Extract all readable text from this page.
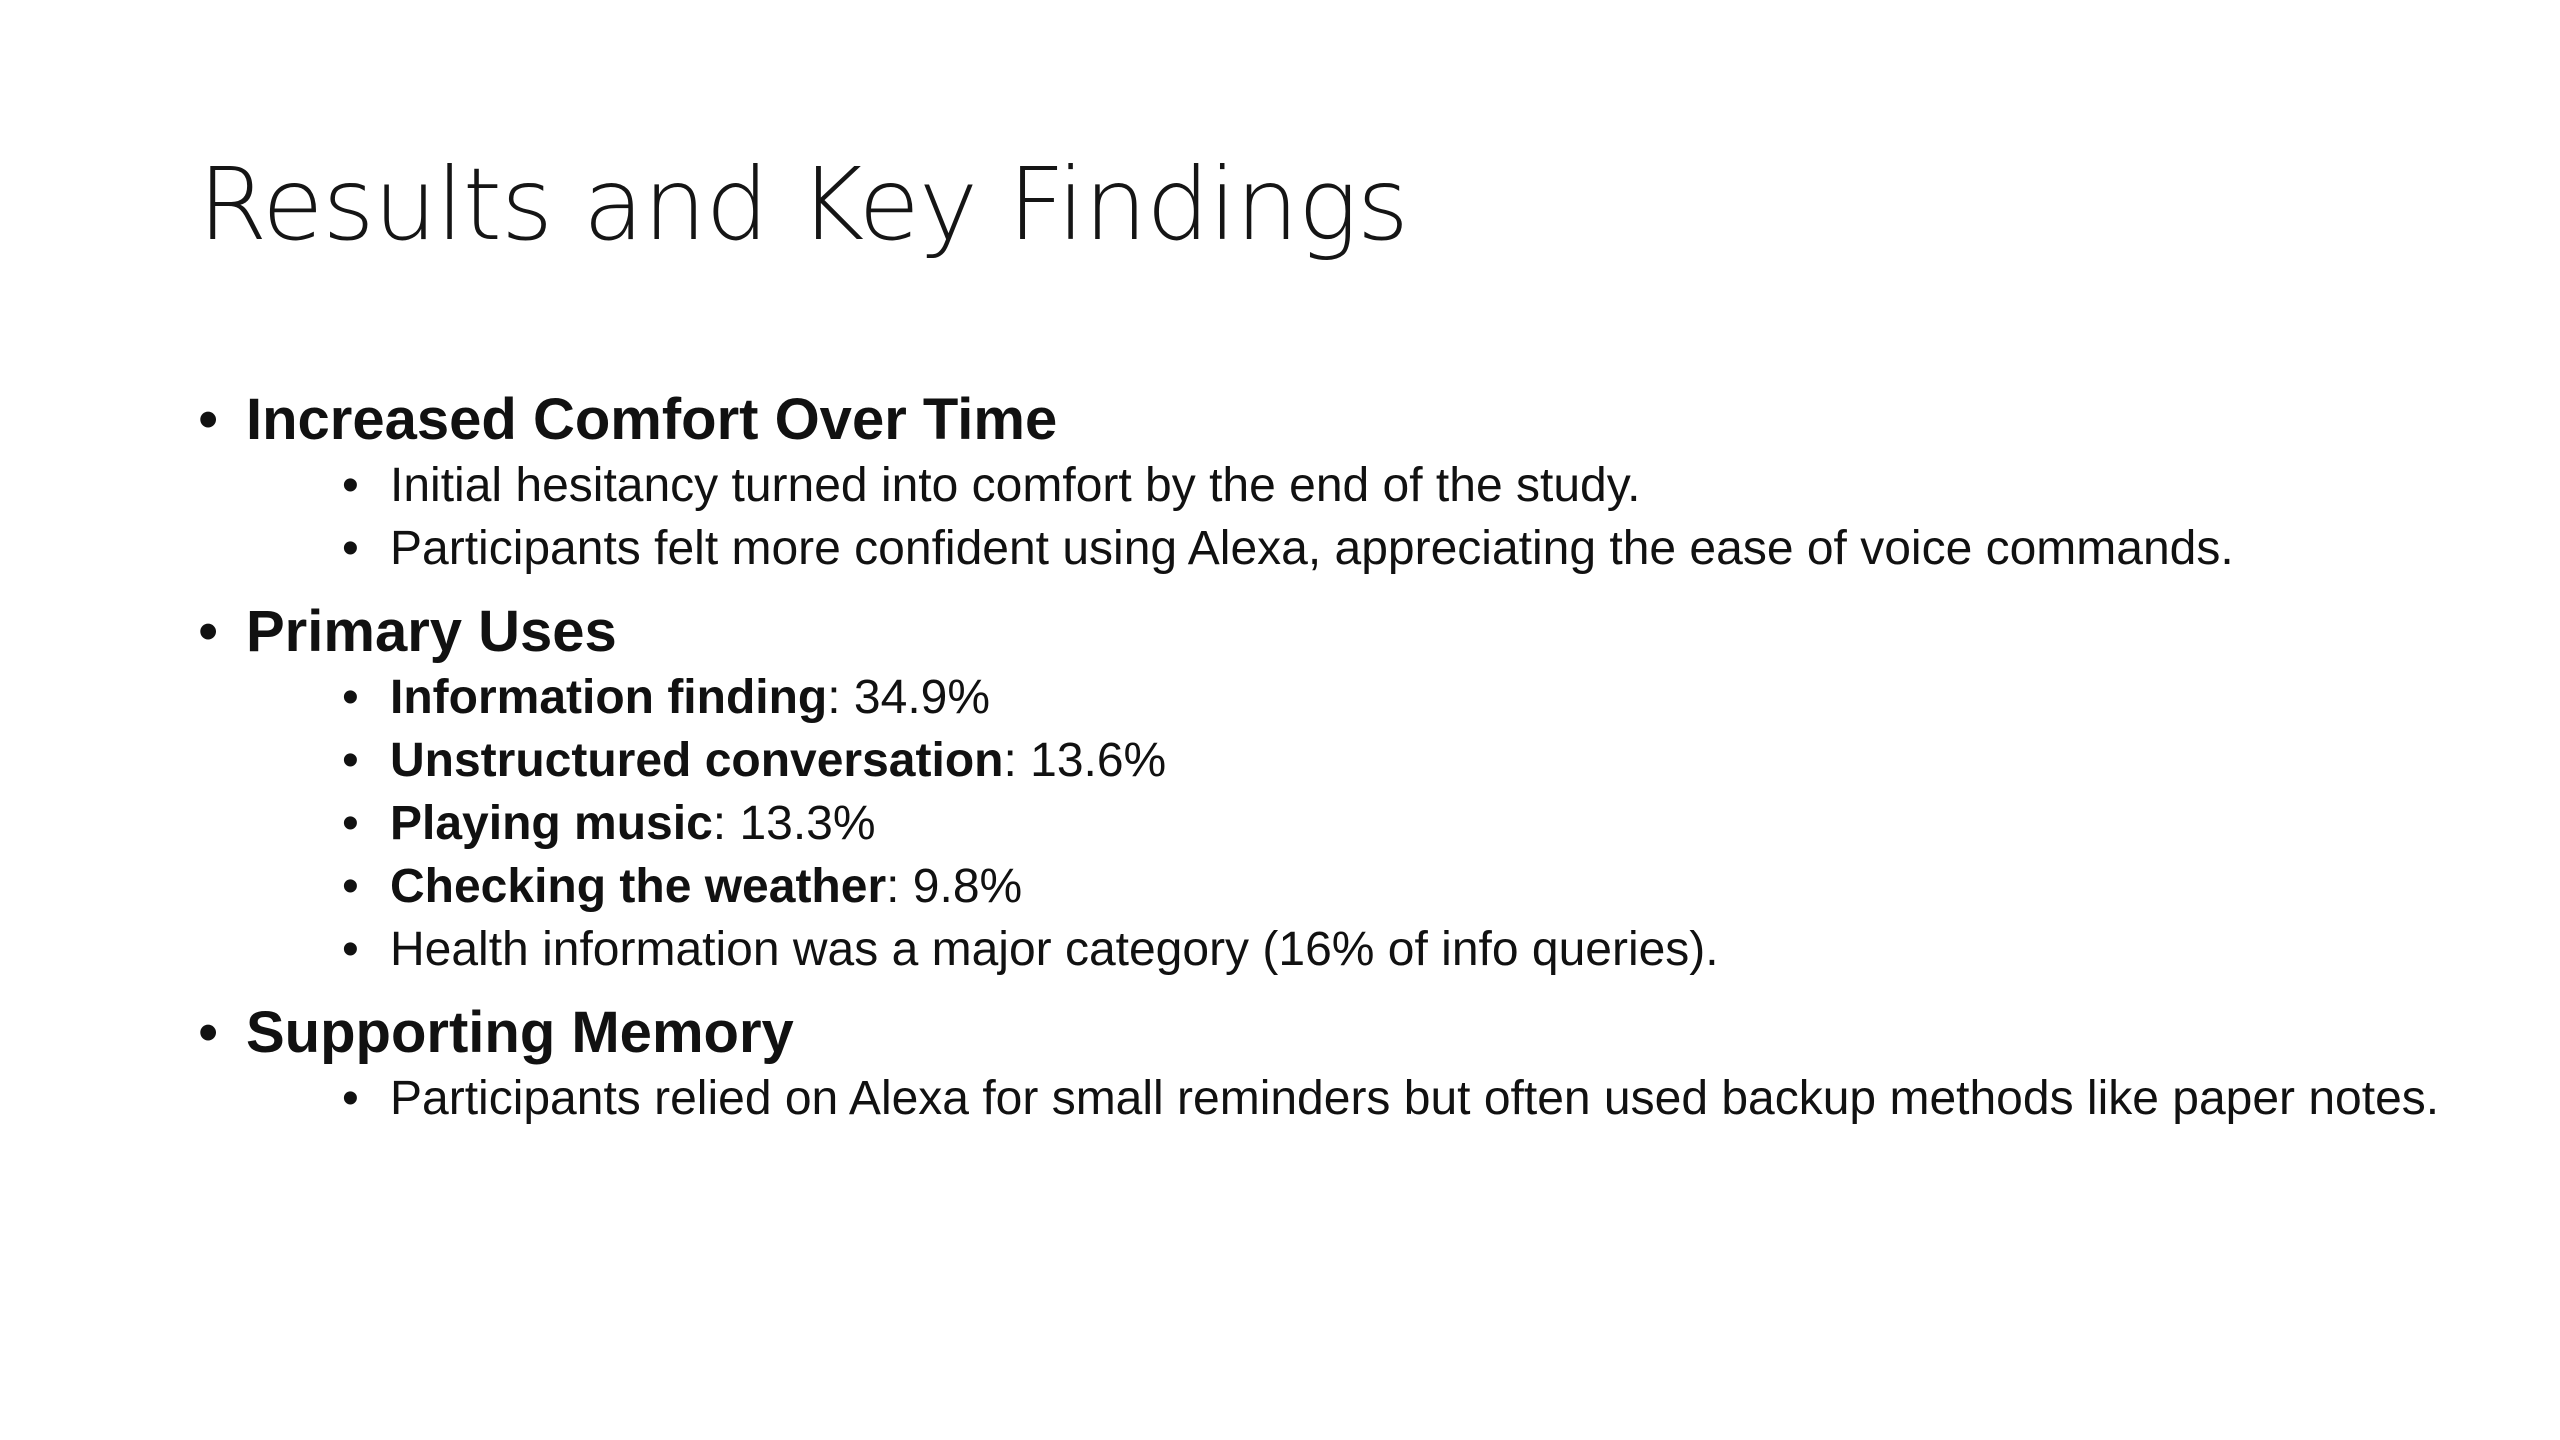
Results and Key Findings
• Increased Comfort Over Time
• Initial hesitancy turned into comfort by the end of the study.
• Participants felt more confident using Alexa, appreciating the ease of voice commands.
• Primary Uses
• Information finding: 34.9%
• Unstructured conversation: 13.6%
• Playing music: 13.3%
• Checking the weather: 9.8%
• Health information was a major category (16% of info queries).
• Supporting Memory
• Participants relied on Alexa for small reminders but often used backup methods like paper notes.
